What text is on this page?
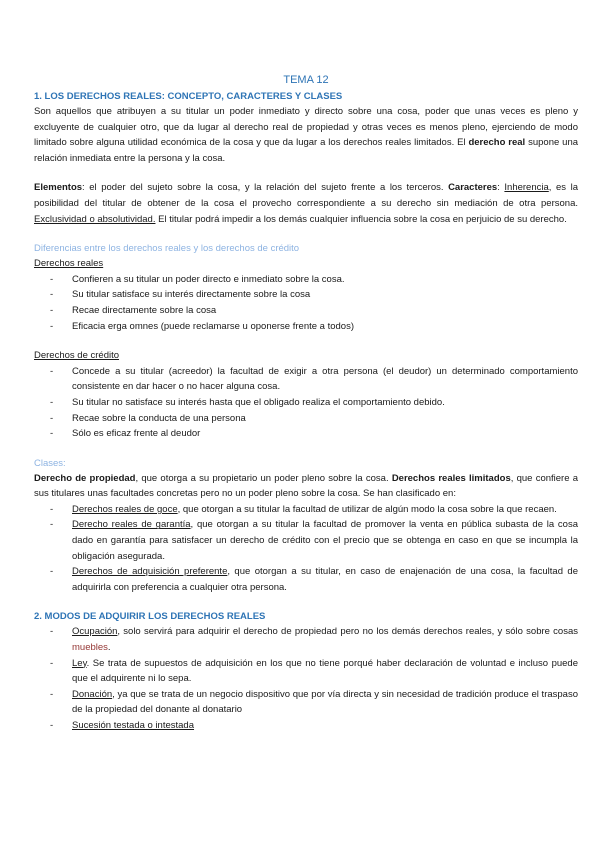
TEMA 12
1. LOS DERECHOS REALES: CONCEPTO, CARACTERES Y CLASES

Son aquellos que atribuyen a su titular un poder inmediato y directo sobre una cosa, poder que unas veces es pleno y excluyente de cualquier otro, que da lugar al derecho real de propiedad y otras veces es menos pleno, ejerciendo de modo limitado sobre alguna utilidad económica de la cosa y que da lugar a los derechos reales limitados. El derecho real supone una relación inmediata entre la persona y la cosa.

Elementos: el poder del sujeto sobre la cosa, y la relación del sujeto frente a los terceros. Caracteres: Inherencia, es la posibilidad del titular de obtener de la cosa el provecho correspondiente a su derecho sin mediación de otra persona. Exclusividad o absolutividad. El titular podrá impedir a los demás cualquier influencia sobre la cosa en perjuicio de su derecho.

Diferencias entre los derechos reales y los derechos de crédito
Derechos reales
- Confieren a su titular un poder directo e inmediato sobre la cosa.
- Su titular satisface su interés directamente sobre la cosa
- Recae directamente sobre la cosa
- Eficacia erga omnes (puede reclamarse u oponerse frente a todos)
Derechos de crédito
- Concede a su titular (acreedor) la facultad de exigir a otra persona (el deudor) un determinado comportamiento consistente en dar hacer o no hacer alguna cosa.
- Su titular no satisface su interés hasta que el obligado realiza el comportamiento debido.
- Recae sobre la conducta de una persona
- Sólo es eficaz frente al deudor
Clases:

Derecho de propiedad, que otorga a su propietario un poder pleno sobre la cosa. Derechos reales limitados, que confiere a sus titulares unas facultades concretas pero no un poder pleno sobre la cosa. Se han clasificado en:

- Derechos reales de goce, que otorgan a su titular la facultad de utilizar de algún modo la cosa sobre la que recaen.
- Derecho reales de garantía, que otorgan a su titular la facultad de promover la venta en pública subasta de la cosa dado en garantía para satisfacer un derecho de crédito con el precio que se obtenga en caso en que se incumpla la obligación asegurada.
- Derechos de adquisición preferente, que otorgan a su titular, en caso de enajenación de una cosa, la facultad de adquirirla con preferencia a cualquier otra persona.
2. MODOS DE ADQUIRIR LOS DERECHOS REALES
- Ocupación, solo servirá para adquirir el derecho de propiedad pero no los demás derechos reales, y sólo sobre cosas muebles.
- Ley. Se trata de supuestos de adquisición en los que no tiene porqué haber declaración de voluntad e incluso puede que el adquirente ni lo sepa.
- Donación, ya que se trata de un negocio dispositivo que por vía directa y sin necesidad de tradición produce el traspaso de la propiedad del donante al donatario
- Sucesión testada o intestada
